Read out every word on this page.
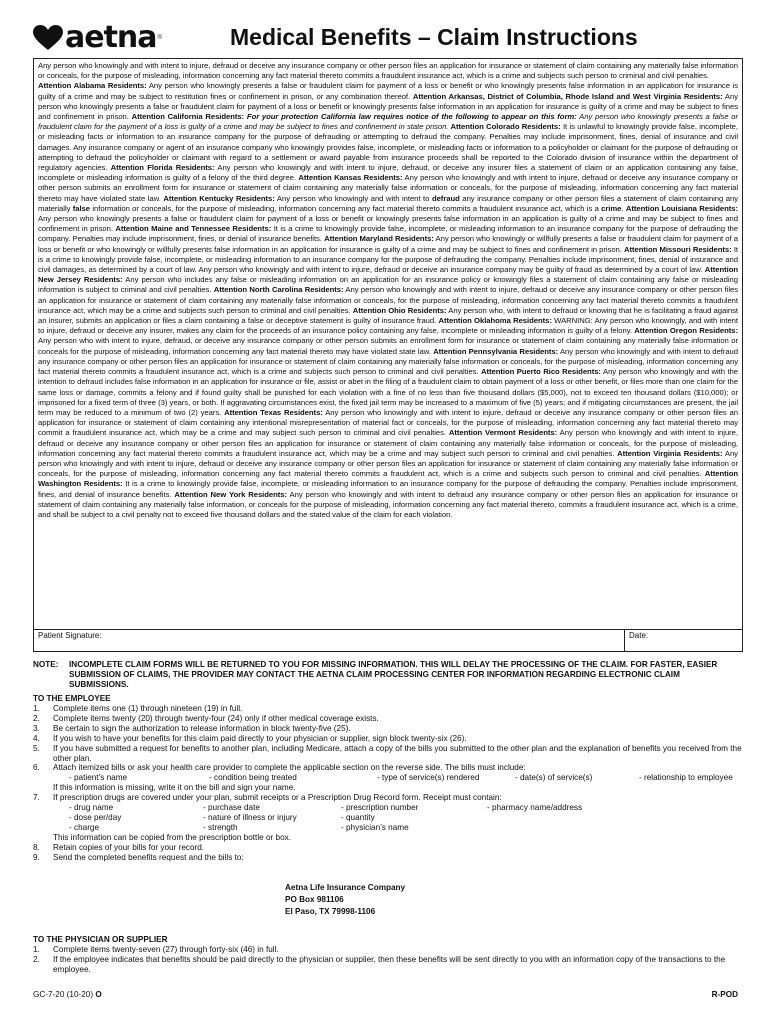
aetna ®	Medical Benefits – Claim Instructions
Any person who knowingly and with intent to injure, defraud or deceive any insurance company or other person files an application for insurance or statement of claim containing any materially false information or conceals, for the purpose of misleading, information concerning any fact material thereto commits a fraudulent insurance act, which is a crime and subjects such person to criminal and civil penalties.
Attention Alabama Residents: Any person who knowingly presents a false or fraudulent claim for payment of a loss or benefit or who knowingly presents false information in an application for insurance is guilty of a crime and may be subject to restitution fines or confinement in prison, or any combination thereof. Attention Arkansas, District of Columbia, Rhode Island and West Virginia Residents: Any person who knowingly presents a false or fraudulent claim for payment of a loss or benefit or knowingly presents false information in an application for insurance is guilty of a crime and may be subject to fines and confinement in prison. Attention California Residents: For your protection California law requires notice of the following to appear on this form: Any person who knowingly presents a false or fraudulent claim for the payment of a loss is guilty of a crime and may be subject to fines and confinement in state prison. Attention Colorado Residents: It is unlawful to knowingly provide false, incomplete, or misleading facts or information to an insurance company for the purpose of defrauding or attempting to defraud the company. Penalties may include imprisonment, fines, denial of insurance and civil damages. Any insurance company or agent of an insurance company who knowingly provides false, incomplete, or misleading facts or information to a policyholder or claimant for the purpose of defrauding or attempting to defraud the policyholder or claimant with regard to a settlement or award payable from insurance proceeds shall be reported to the Colorado division of insurance within the department of regulatory agencies. Attention Florida Residents: Any person who knowingly and with intent to injure, defraud, or deceive any insurer files a statement of claim or an application containing any false, incomplete or misleading information is guilty of a felony of the third degree. Attention Kansas Residents: Any person who knowingly and with intent to injure, defraud or deceive any insurance company or other person submits an enrollment form for insurance or statement of claim containing any materially false information or conceals, for the purpose of misleading, information concerning any fact material thereto may have violated state law. Attention Kentucky Residents: Any person who knowingly and with intent to defraud any insurance company or other person files a statement of claim containing any materially false information or conceals, for the purpose of misleading, information concerning any fact material thereto commits a fraudulent insurance act, which is a crime. Attention Louisiana Residents: Any person who knowingly presents a false or fraudulent claim for payment of a loss or benefit or knowingly presents false information in an application is guilty of a crime and may be subject to fines and confinement in prison. Attention Maine and Tennessee Residents: It is a crime to knowingly provide false, incomplete, or misleading information to an insurance company for the purpose of defrauding the company. Penalties may include imprisonment, fines, or denial of insurance benefits. Attention Maryland Residents: Any person who knowingly or willfully presents a false or fraudulent claim for payment of a loss or benefit or who knowingly or willfully presents false information in an application for insurance is guilty of a crime and may be subject to fines and confinement in prison. Attention Missouri Residents: It is a crime to knowingly provide false, incomplete, or misleading information to an insurance company for the purpose of defrauding the company. Penalties include imprisonment, fines, denial of insurance and civil damages, as determined by a court of law. Any person who knowingly and with intent to injure, defraud or deceive an insurance company may be guilty of fraud as determined by a court of law. Attention New Jersey Residents: Any person who includes any false or misleading information on an application for an insurance policy or knowingly files a statement of claim containing any false or misleading information is subject to criminal and civil penalties. Attention North Carolina Residents: Any person who knowingly and with intent to injure, defraud or deceive any insurance company or other person files an application for insurance or statement of claim containing any materially false information or conceals, for the purpose of misleading, information concerning any fact material thereto commits a fraudulent insurance act, which may be a crime and subjects such person to criminal and civil penalties. Attention Ohio Residents: Any person who, with intent to defraud or knowing that he is facilitating a fraud against an insurer, submits an application or files a claim containing a false or deceptive statement is guilty of insurance fraud. Attention Oklahoma Residents: WARNING: Any person who knowingly, and with intent to injure, defraud or deceive any insurer, makes any claim for the proceeds of an insurance policy containing any false, incomplete or misleading information is guilty of a felony. Attention Oregon Residents: Any person who with intent to injure, defraud, or deceive any insurance company or other person submits an enrollment form for insurance or statement of claim containing any materially false information or conceals for the purpose of misleading, information concerning any fact material thereto may have violated state law. Attention Pennsylvania Residents: Any person who knowingly and with intent to defraud any insurance company or other person files an application for insurance or statement of claim containing any materially false information or conceals, for the purpose of misleading, information concerning any fact material thereto commits a fraudulent insurance act, which is a crime and subjects such person to criminal and civil penalties. Attention Puerto Rico Residents: Any person who knowingly and with the intention to defraud includes false information in an application for insurance or file, assist or abet in the filing of a fraudulent claim to obtain payment of a loss or other benefit, or files more than one claim for the same loss or damage, commits a felony and if found guilty shall be punished for each violation with a fine of no less than five thousand dollars ($5,000), not to exceed ten thousand dollars ($10,000); or imprisoned for a fixed term of three (3) years, or both. If aggravating circumstances exist, the fixed jail term may be increased to a maximum of five (5) years; and if mitigating circumstances are present, the jail term may be reduced to a minimum of two (2) years. Attention Texas Residents: Any person who knowingly and with intent to injure, defraud or deceive any insurance company or other person files an application for insurance or statement of claim containing any intentional misrepresentation of material fact or conceals, for the purpose of misleading, information concerning any fact material thereto may commit a fraudulent insurance act, which may be a crime and may subject such person to criminal and civil penalties. Attention Vermont Residents: Any person who knowingly and with intent to injure, defraud or deceive any insurance company or other person files an application for insurance or statement of claim containing any materially false information or conceals, for the purpose of misleading, information concerning any fact material thereto commits a fraudulent insurance act, which may be a crime and may subject such person to criminal and civil penalties. Attention Virginia Residents: Any person who knowingly and with intent to injure, defraud or deceive any insurance company or other person files an application for insurance or statement of claim containing any materially false information or conceals, for the purpose of misleading, information concerning any fact material thereto commits a fraudulent act, which is a crime and subjects such person to criminal and civil penalties. Attention Washington Residents: It is a crime to knowingly provide false, incomplete, or misleading information to an insurance company for the purpose of defrauding the company. Penalties include imprisonment, fines, and denial of insurance benefits. Attention New York Residents: Any person who knowingly and with intent to defraud any insurance company or other person files an application for insurance or statement of claim containing any materially false information, or conceals for the purpose of misleading, information concerning any fact material thereto, commits a fraudulent insurance act, which is a crime, and shall be subject to a civil penalty not to exceed five thousand dollars and the stated value of the claim for each violation.
Patient Signature:	Date:
NOTE: INCOMPLETE CLAIM FORMS WILL BE RETURNED TO YOU FOR MISSING INFORMATION. THIS WILL DELAY THE PROCESSING OF THE CLAIM. FOR FASTER, EASIER SUBMISSION OF CLAIMS, THE PROVIDER MAY CONTACT THE AETNA CLAIM PROCESSING CENTER FOR INFORMATION REGARDING ELECTRONIC CLAIM SUBMISSIONS.
TO THE EMPLOYEE
1. Complete items one (1) through nineteen (19) in full.
2. Complete items twenty (20) through twenty-four (24) only if other medical coverage exists.
3. Be certain to sign the authorization to release information in block twenty-five (25).
4. If you wish to have your benefits for this claim paid directly to your physician or supplier, sign block twenty-six (26).
5. If you have submitted a request for benefits to another plan, including Medicare, attach a copy of the bills you submitted to the other plan and the explanation of benefits you received from the other plan.
6. Attach itemized bills or ask your health care provider to complete the applicable section on the reverse side. The bills must include:
- patient’s name	- condition being treated	- type of service(s) rendered	- date(s) of service(s)	- relationship to employee
If this information is missing, write it on the bill and sign your name.
7. If prescription drugs are covered under your plan, submit receipts or a Prescription Drug Record form. Receipt must contain:
- drug name	- purchase date	- prescription number	- pharmacy name/address
- dose per/day	- nature of illness or injury	- quantity
- charge	- strength	- physician’s name
This information can be copied from the prescription bottle or box.
8. Retain copies of your bills for your record.
9. Send the completed benefits request and the bills to:
Aetna Life Insurance Company
PO Box 981106
El Paso, TX 79998-1106
TO THE PHYSICIAN OR SUPPLIER
1. Complete items twenty-seven (27) through forty-six (46) in full.
2. If the employee indicates that benefits should be paid directly to the physician or supplier, then these benefits will be sent directly to you with an information copy of the transactions to the employee.
GC-7-20 (10-20) O	R-POD
